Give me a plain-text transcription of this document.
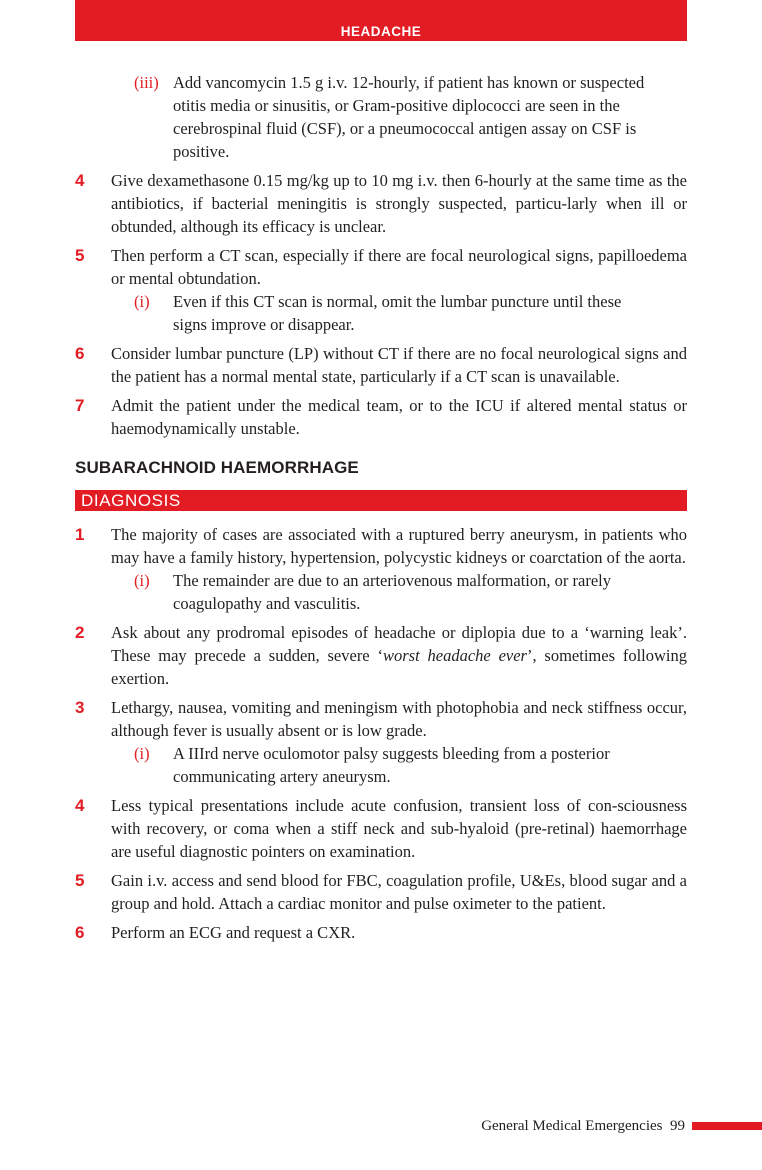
HEADACHE
(iii) Add vancomycin 1.5 g i.v. 12-hourly, if patient has known or suspected otitis media or sinusitis, or Gram-positive diplococci are seen in the cerebrospinal fluid (CSF), or a pneumococcal antigen assay on CSF is positive.
4 Give dexamethasone 0.15 mg/kg up to 10 mg i.v. then 6-hourly at the same time as the antibiotics, if bacterial meningitis is strongly suspected, particu-larly when ill or obtunded, although its efficacy is unclear.
5 Then perform a CT scan, especially if there are focal neurological signs, papilloedema or mental obtundation.
(i) Even if this CT scan is normal, omit the lumbar puncture until these signs improve or disappear.
6 Consider lumbar puncture (LP) without CT if there are no focal neurological signs and the patient has a normal mental state, particularly if a CT scan is unavailable.
7 Admit the patient under the medical team, or to the ICU if altered mental status or haemodynamically unstable.
SUBARACHNOID HAEMORRHAGE
DIAGNOSIS
1 The majority of cases are associated with a ruptured berry aneurysm, in patients who may have a family history, hypertension, polycystic kidneys or coarctation of the aorta.
(i) The remainder are due to an arteriovenous malformation, or rarely coagulopathy and vasculitis.
2 Ask about any prodromal episodes of headache or diplopia due to a ‘warning leak’. These may precede a sudden, severe ‘worst headache ever’, sometimes following exertion.
3 Lethargy, nausea, vomiting and meningism with photophobia and neck stiffness occur, although fever is usually absent or is low grade.
(i) A IIIrd nerve oculomotor palsy suggests bleeding from a posterior communicating artery aneurysm.
4 Less typical presentations include acute confusion, transient loss of con-sciousness with recovery, or coma when a stiff neck and sub-hyaloid (pre-retinal) haemorrhage are useful diagnostic pointers on examination.
5 Gain i.v. access and send blood for FBC, coagulation profile, U&Es, blood sugar and a group and hold. Attach a cardiac monitor and pulse oximeter to the patient.
6 Perform an ECG and request a CXR.
General Medical Emergencies 99
